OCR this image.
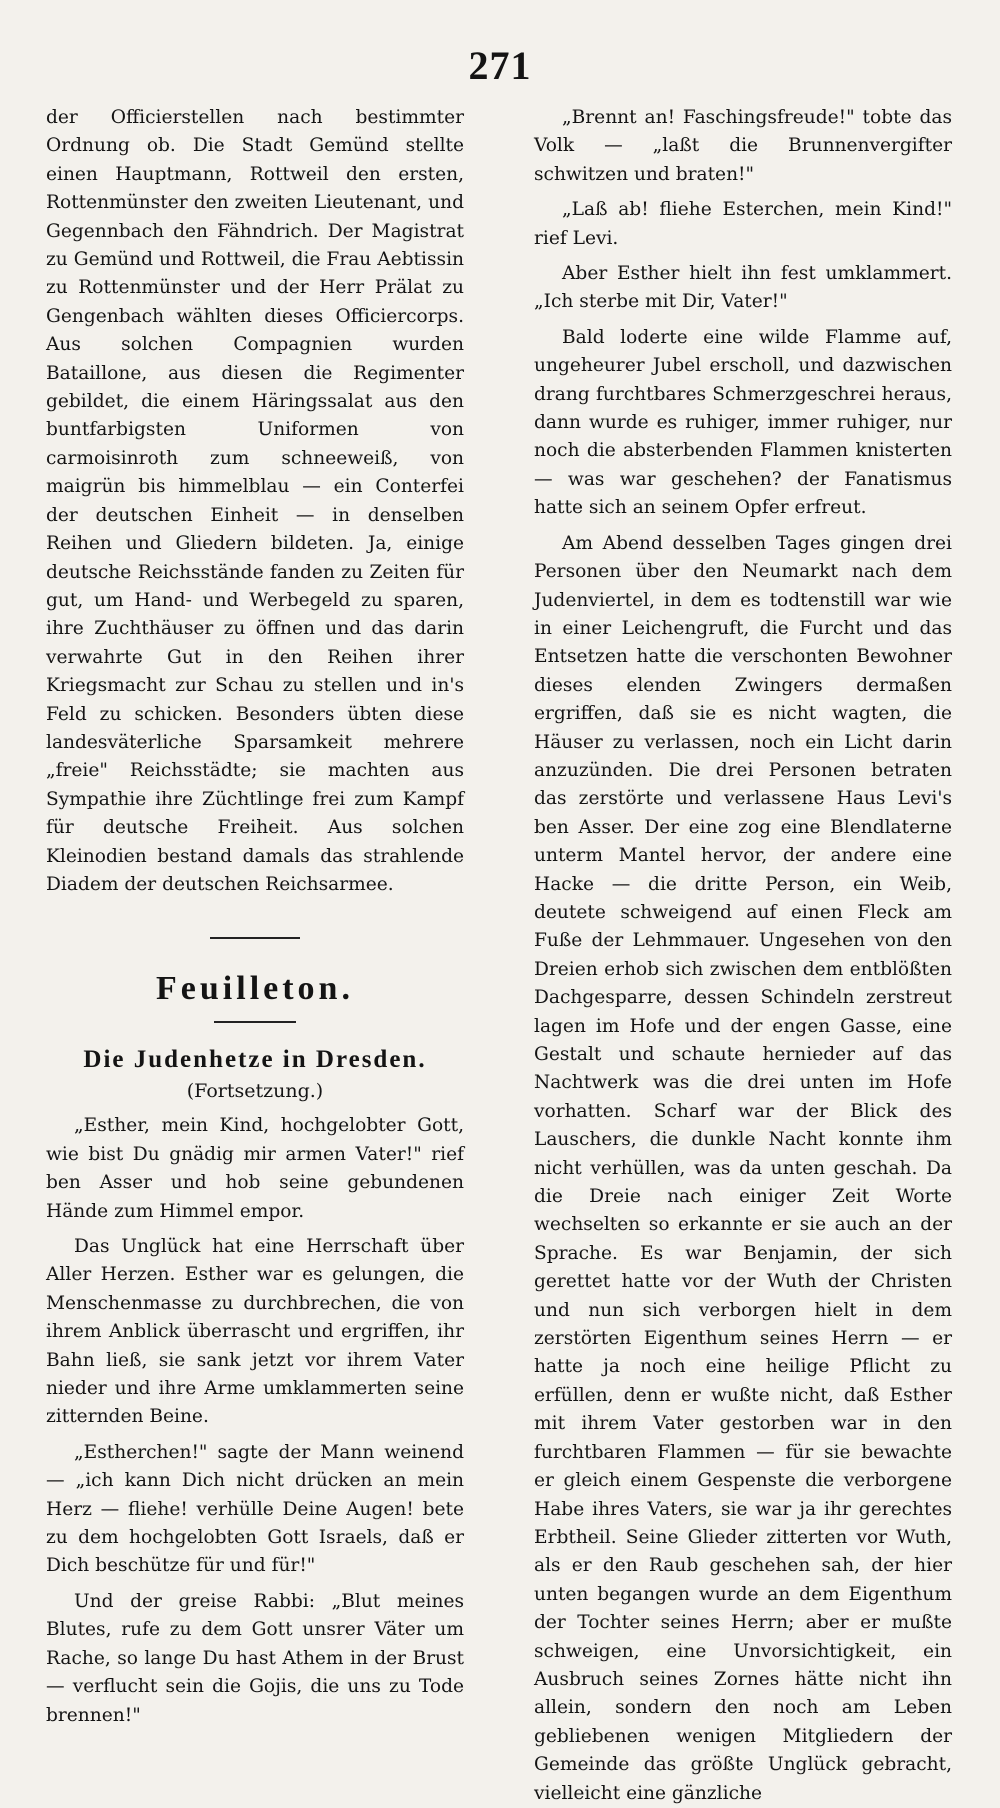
271

der Officierstellen nach bestimmter Ordnung ob. Die Stadt Gemünd stellte einen Hauptmann, Rottweil den ersten, Rottenmünster den zweiten Lieutenant, und Gegennbach den Fähndrich. Der Magistrat zu Gemünd und Rottweil, die Frau Aebtissin zu Rottenmünster und der Herr Prälat zu Gengenbach wählten dieses Officiercorps. Aus solchen Compagnien wurden Bataillone, aus diesen die Regimenter gebildet, die einem Häringssalat aus den buntfarbigsten Uniformen von carmoisinroth zum schneeweiß, von maigrün bis himmelblau — ein Conterfei der deutschen Einheit — in denselben Reihen und Gliedern bildeten. Ja, einige deutsche Reichsstände fanden zu Zeiten für gut, um Hand- und Werbegeld zu sparen, ihre Zuchthäuser zu öffnen und das darin verwahrte Gut in den Reihen ihrer Kriegsmacht zur Schau zu stellen und in's Feld zu schicken. Besonders übten diese landesväterliche Sparsamkeit mehrere „freie" Reichsstädte; sie machten aus Sympathie ihre Züchtlinge frei zum Kampf für deutsche Freiheit. Aus solchen Kleinodien bestand damals das strahlende Diadem der deutschen Reichsarmee.

Feuilleton.
Die Judenhetze in Dresden.

(Fortsetzung.)

„Esther, mein Kind, hochgelobter Gott, wie bist Du gnädig mir armen Vater!" rief ben Asser und hob seine gebundenen Hände zum Himmel empor.

Das Unglück hat eine Herrschaft über Aller Herzen. Esther war es gelungen, die Menschenmasse zu durchbrechen, die von ihrem Anblick überrascht und ergriffen, ihr Bahn ließ, sie sank jetzt vor ihrem Vater nieder und ihre Arme umklammerten seine zitternden Beine.

„Estherchen!" sagte der Mann weinend — „ich kann Dich nicht drücken an mein Herz — fliehe! verhülle Deine Augen! bete zu dem hochgelobten Gott Israels, daß er Dich beschütze für und für!"

Und der greise Rabbi: „Blut meines Blutes, rufe zu dem Gott unsrer Väter um Rache, so lange Du hast Athem in der Brust — verflucht sein die Gojis, die uns zu Tode brennen!"

„Brennt an! Faschingsfreude!" tobte das Volk — „laßt die Brunnenvergifter schwitzen und braten!"

„Laß ab! fliehe Esterchen, mein Kind!" rief Levi.

Aber Esther hielt ihn fest umklammert. „Ich sterbe mit Dir, Vater!"

Bald loderte eine wilde Flamme auf, ungeheurer Jubel erscholl, und dazwischen drang furchtbares Schmerzgeschrei heraus, dann wurde es ruhiger, immer ruhiger, nur noch die absterbenden Flammen knisterten — was war geschehen? der Fanatismus hatte sich an seinem Opfer erfreut.

Am Abend desselben Tages gingen drei Personen über den Neumarkt nach dem Judenviertel, in dem es todtenstill war wie in einer Leichengruft, die Furcht und das Entsetzen hatte die verschonten Bewohner dieses elenden Zwingers dermaßen ergriffen, daß sie es nicht wagten, die Häuser zu verlassen, noch ein Licht darin anzuzünden. Die drei Personen betraten das zerstörte und verlassene Haus Levi's ben Asser. Der eine zog eine Blendlaterne unterm Mantel hervor, der andere eine Hacke — die dritte Person, ein Weib, deutete schweigend auf einen Fleck am Fuße der Lehmmauer. Ungesehen von den Dreien erhob sich zwischen dem entblößten Dachgesparre, dessen Schindeln zerstreut lagen im Hofe und der engen Gasse, eine Gestalt und schaute hernieder auf das Nachtwerk was die drei unten im Hofe vorhatten. Scharf war der Blick des Lauschers, die dunkle Nacht konnte ihm nicht verhüllen, was da unten geschah. Da die Dreie nach einiger Zeit Worte wechselten so erkannte er sie auch an der Sprache. Es war Benjamin, der sich gerettet hatte vor der Wuth der Christen und nun sich verborgen hielt in dem zerstörten Eigenthum seines Herrn — er hatte ja noch eine heilige Pflicht zu erfüllen, denn er wußte nicht, daß Esther mit ihrem Vater gestorben war in den furchtbaren Flammen — für sie bewachte er gleich einem Gespenste die verborgene Habe ihres Vaters, sie war ja ihr gerechtes Erbtheil. Seine Glieder zitterten vor Wuth, als er den Raub geschehen sah, der hier unten begangen wurde an dem Eigenthum der Tochter seines Herrn; aber er mußte schweigen, eine Unvorsichtigkeit, ein Ausbruch seines Zornes hätte nicht ihn allein, sondern den noch am Leben gebliebenen wenigen Mitgliedern der Gemeinde das größte Unglück gebracht, vielleicht eine gänzliche
